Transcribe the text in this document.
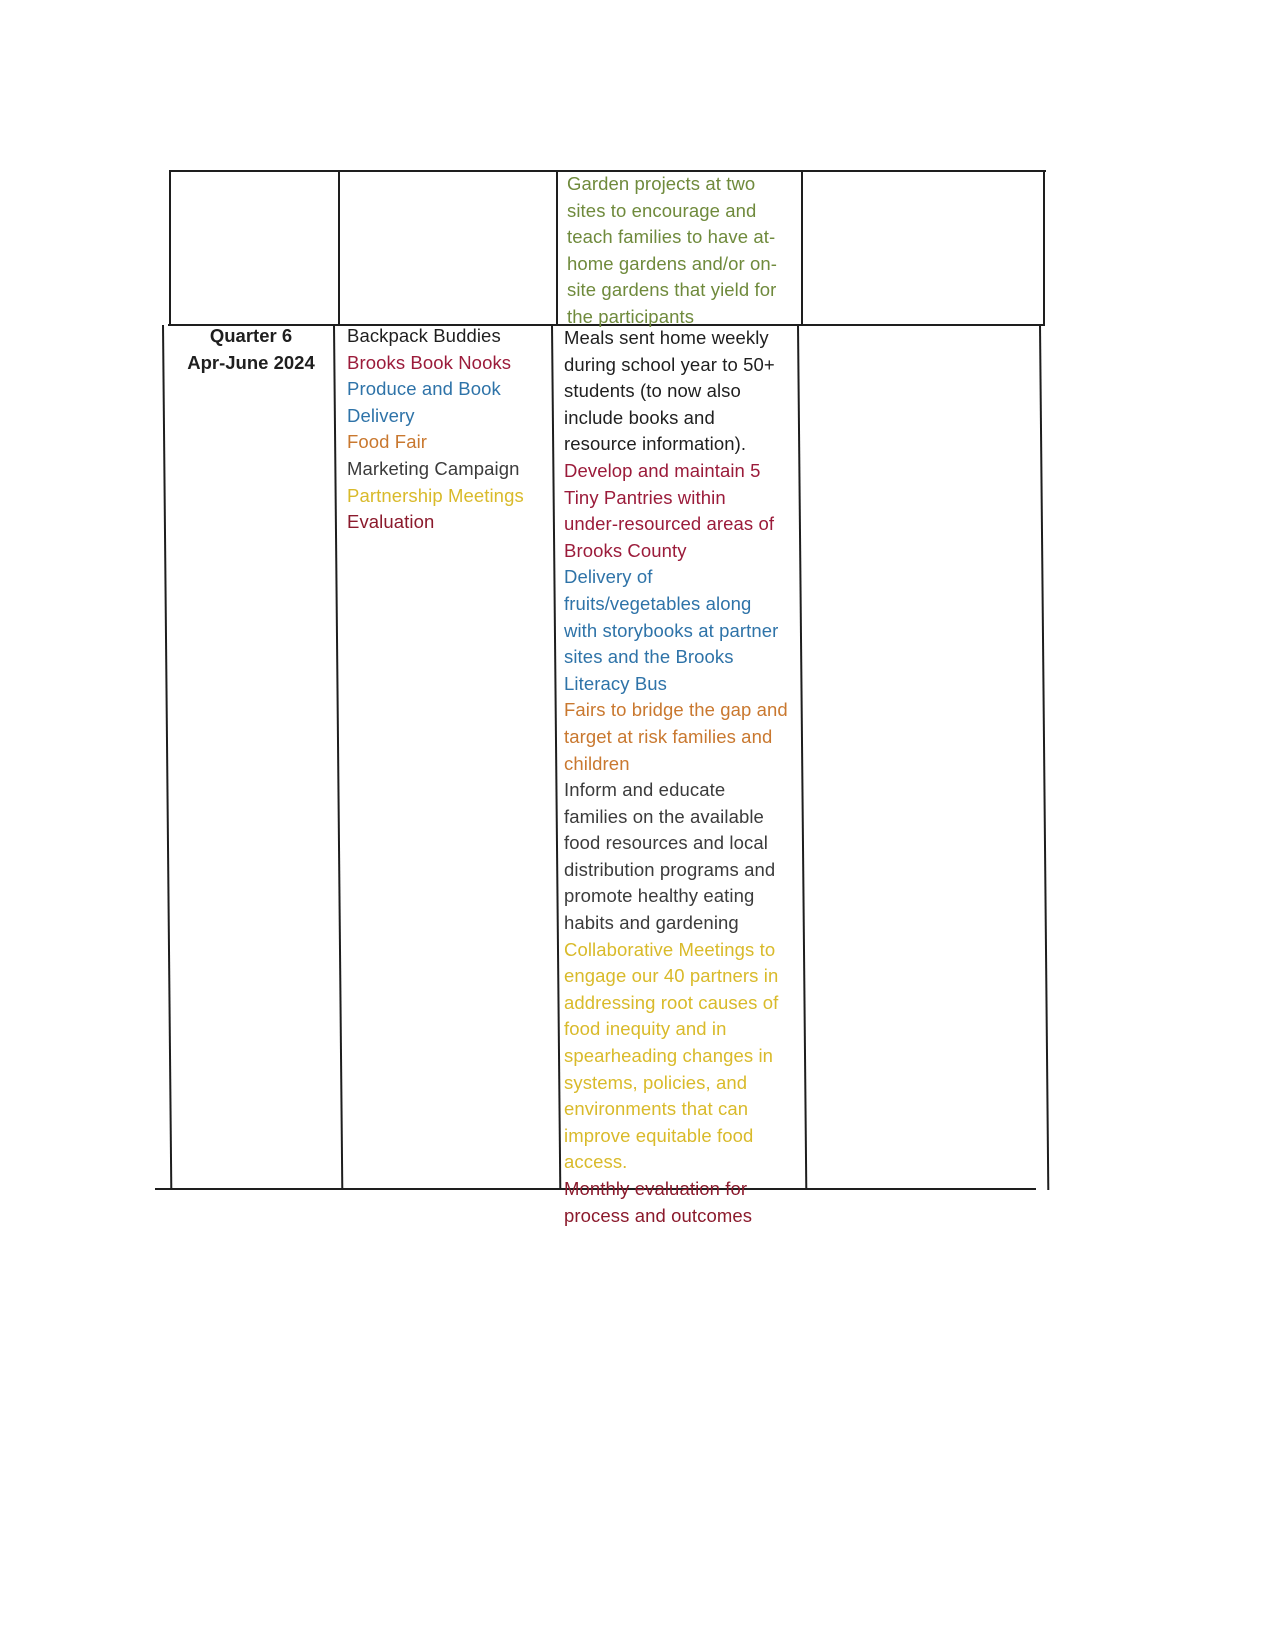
Garden projects at two

sites to encourage and

teach families to have at-

home gardens and/or on-

site gardens that yield for

the participants

Quarter 6
Apr-June 2024

Backpack Buddies

Brooks Book Nooks

Produce and Book

Delivery

Food Fair

Marketing Campaign

Partnership Meetings

Evaluation

Meals sent home weekly

during school year to 50+

students (to now also

include books and

resource information).

Develop and maintain 5

Tiny Pantries within

under-resourced areas of

Brooks County

Delivery of

fruits/vegetables along

with storybooks at partner

sites and the Brooks

Literacy Bus

Fairs to bridge the gap and

target at risk families and

children

Inform and educate

families on the available

food resources and local

distribution programs and

promote healthy eating

habits and gardening

Collaborative Meetings to

engage our 40 partners in

addressing root causes of

food inequity and in

spearheading changes in

systems, policies, and

environments that can

improve equitable food

access.

Monthly evaluation for

process and outcomes
